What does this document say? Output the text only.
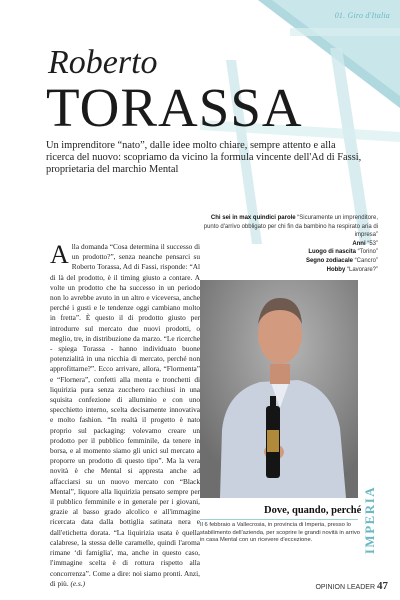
01. Giro d'Italia
Roberto
TORASSA
Un imprenditore “nato”, dalle idee molto chiare, sempre attento e alla ricerca del nuovo: scopriamo da vicino la formula vincente dell'Ad di Fassi, proprietaria del marchio Mental
Chi sei in max quindici parole “Sicuramente un imprenditore, punto d'arrivo obbligato per chi fin da bambino ha respirato aria di impresa”
Anni “53”
Luogo di nascita “Torino”
Segno zodiacale “Cancro”
Hobby “Lavorare?”
Alla domanda “Cosa determina il successo di un prodotto?”, senza neanche pensarci su Roberto Torassa, Ad di Fassi, risponde: “Al di là del prodotto, è il timing giusto a contare. A volte un prodotto che ha successo in un periodo non lo avrebbe avuto in un altro e viceversa, anche perché i gusti e le tendenze oggi cambiano molto in fretta”. È questo il di prodotto giusto per introdurre sul mercato due nuovi prodotti, o meglio, tre, in distribuzione da marzo. “Le ricerche - spiega Torassa - hanno individuato buone potenzialità in una nicchia di mercato, perché non approfittarne?”. Ecco arrivare, allora, “Flormenta” e “Flornera”, confetti alla menta e tronchetti di liquirizia pura senza zucchero racchiusi in una squisita confezione di alluminio e con uno specchietto interno, scelta decisamente innovativa e molto fashion. “In realtà il progetto è nato proprio sul packaging: volevamo creare un prodotto per il pubblico femminile, da tenere in borsa, e al momento siamo gli unici sul mercato a proporre un prodotto di questo tipo”. Ma la vera novità è che Mental si appresta anche ad affacciarsi su un nuovo mercato con “Black Mental”, liquore alla liquirizia pensato sempre per il pubblico femminile e in generale per i giovani, grazie al basso grado alcolico e all'immagine ricercata data dalla bottiglia satinata nera e dall'etichetta dorata. “La liquirizia usata è quella calabrese, la stessa delle caramelle, quindi l'aroma rimane ‘di famiglia', ma, anche in questo caso, l'immagine scelta è di rottura rispetto alla concorrenza”. Come a dire: noi siamo pronti. Anzi, di più. (e.s.)
IMPERIA
Dove, quando, perché
Il 6 febbraio a Vallecrosia, in provincia di Imperia, presso lo stabilimento dell'azienda, per scoprire le grandi novità in arrivo in casa Mental con un ricevere d'eccezione.
OPINION LEADER 47
